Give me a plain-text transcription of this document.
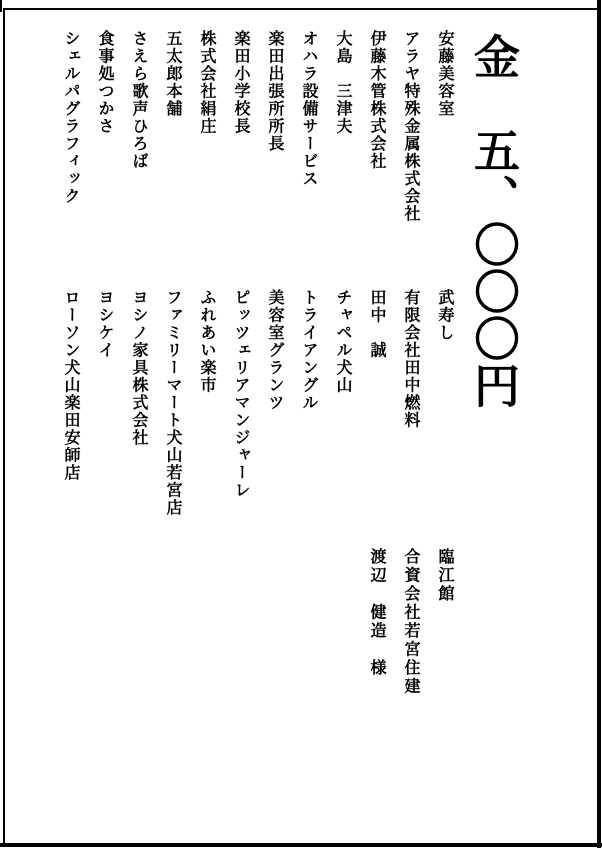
金　五、〇〇〇円
安藤美容室
武寿し
アラヤ特殊金属株式会社
有限会社田中燃料
伊藤木管株式会社
田中　誠
大島　三津夫
チャペル犬山
オハラ設備サービス
トライアングル
楽田出張所所長
美容室グランツ
楽田小学校長
ピッツェリアマンジャーレ
株式会社絹庄
ふれあい楽市
五太郎本舗
ファミリーマート犬山若宮店
さえら歌声ひろば
ヨシノ家具株式会社
食事処つかさ
ヨシケイ
シェルパグラフィック
ローソン犬山楽田安師店
臨江館
合資会社若宮住建
渡辺　健造　様
